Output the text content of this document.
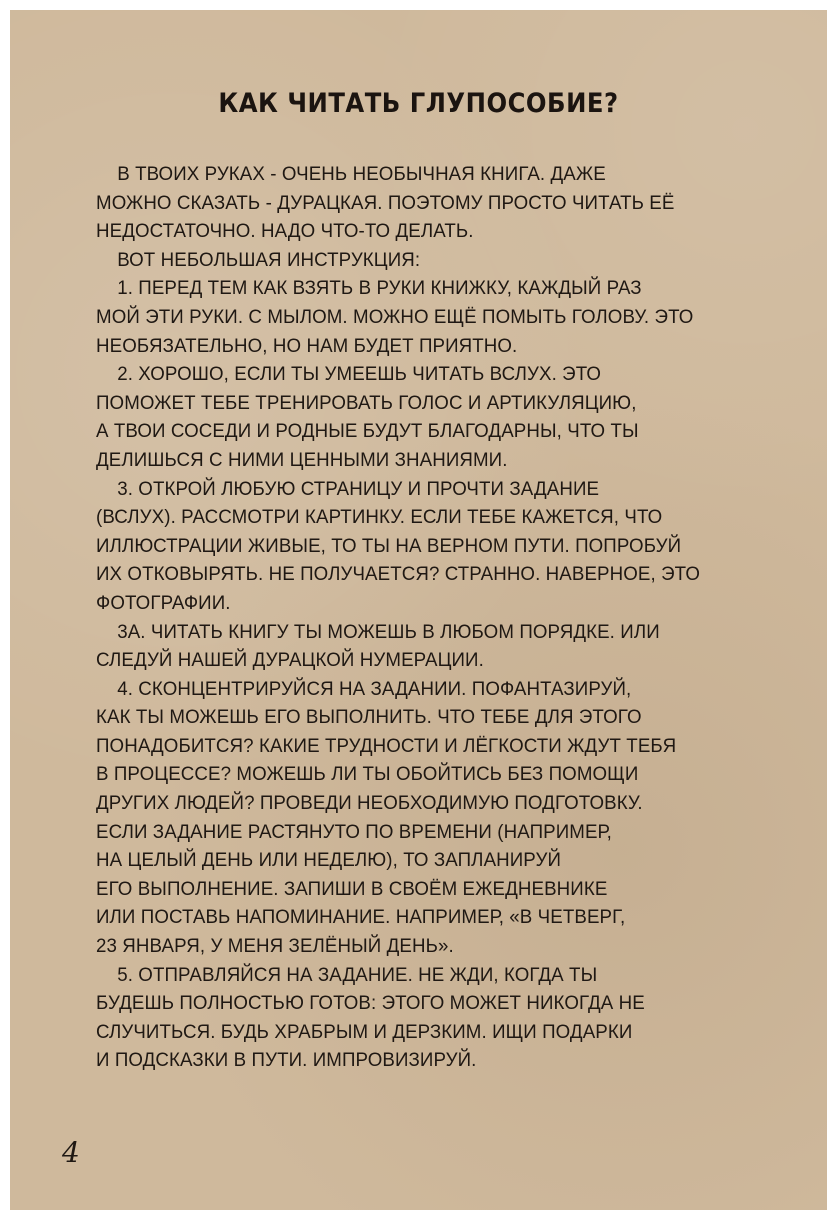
КАК ЧИТАТЬ ГЛУПОСОБИЕ?
В ТВОИХ РУКАХ - ОЧЕНЬ НЕОБЫЧНАЯ КНИГА. ДАЖЕ
МОЖНО СКАЗАТЬ - ДУРАЦКАЯ. ПОЭТОМУ ПРОСТО ЧИТАТЬ ЕЁ
НЕДОСТАТОЧНО. НАДО ЧТО-ТО ДЕЛАТЬ.
ВОТ НЕБОЛЬШАЯ ИНСТРУКЦИЯ:
1. ПЕРЕД ТЕМ КАК ВЗЯТЬ В РУКИ КНИЖКУ, КАЖДЫЙ РАЗ
МОЙ ЭТИ РУКИ. С МЫЛОМ. МОЖНО ЕЩЁ ПОМЫТЬ ГОЛОВУ. ЭТО
НЕОБЯЗАТЕЛЬНО, НО НАМ БУДЕТ ПРИЯТНО.
2. ХОРОШО, ЕСЛИ ТЫ УМЕЕШЬ ЧИТАТЬ ВСЛУХ. ЭТО
ПОМОЖЕТ ТЕБЕ ТРЕНИРОВАТЬ ГОЛОС И АРТИКУЛЯЦИЮ,
А ТВОИ СОСЕДИ И РОДНЫЕ БУДУТ БЛАГОДАРНЫ, ЧТО ТЫ
ДЕЛИШЬСЯ С НИМИ ЦЕННЫМИ ЗНАНИЯМИ.
3. ОТКРОЙ ЛЮБУЮ СТРАНИЦУ И ПРОЧТИ ЗАДАНИЕ
(ВСЛУХ). РАССМОТРИ КАРТИНКУ. ЕСЛИ ТЕБЕ КАЖЕТСЯ, ЧТО
ИЛЛЮСТРАЦИИ ЖИВЫЕ, ТО ТЫ НА ВЕРНОМ ПУТИ. ПОПРОБУЙ
ИХ ОТКОВЫРЯТЬ. НЕ ПОЛУЧАЕТСЯ? СТРАННО. НАВЕРНОЕ, ЭТО
ФОТОГРАФИИ.
3А. ЧИТАТЬ КНИГУ ТЫ МОЖЕШЬ В ЛЮБОМ ПОРЯДКЕ. ИЛИ
СЛЕДУЙ НАШЕЙ ДУРАЦКОЙ НУМЕРАЦИИ.
4. СКОНЦЕНТРИРУЙСЯ НА ЗАДАНИИ. ПОФАНТАЗИРУЙ,
КАК ТЫ МОЖЕШЬ ЕГО ВЫПОЛНИТЬ. ЧТО ТЕБЕ ДЛЯ ЭТОГО
ПОНАДОБИТСЯ? КАКИЕ ТРУДНОСТИ И ЛЁГКОСТИ ЖДУТ ТЕБЯ
В ПРОЦЕССЕ? МОЖЕШЬ ЛИ ТЫ ОБОЙТИСЬ БЕЗ ПОМОЩИ
ДРУГИХ ЛЮДЕЙ? ПРОВЕДИ НЕОБХОДИМУЮ ПОДГОТОВКУ.
ЕСЛИ ЗАДАНИЕ РАСТЯНУТО ПО ВРЕМЕНИ (НАПРИМЕР,
НА ЦЕЛЫЙ ДЕНЬ ИЛИ НЕДЕЛЮ), ТО ЗАПЛАНИРУЙ
ЕГО ВЫПОЛНЕНИЕ. ЗАПИШИ В СВОЁМ ЕЖЕДНЕВНИКЕ
ИЛИ ПОСТАВЬ НАПОМИНАНИЕ. НАПРИМЕР, «В ЧЕТВЕРГ,
23 ЯНВАРЯ, У МЕНЯ ЗЕЛЁНЫЙ ДЕНЬ».
5. ОТПРАВЛЯЙСЯ НА ЗАДАНИЕ. НЕ ЖДИ, КОГДА ТЫ
БУДЕШЬ ПОЛНОСТЬЮ ГОТОВ: ЭТОГО МОЖЕТ НИКОГДА НЕ
СЛУЧИТЬСЯ. БУДЬ ХРАБРЫМ И ДЕРЗКИМ. ИЩИ ПОДАРКИ
И ПОДСКАЗКИ В ПУТИ. ИМПРОВИЗИРУЙ.
4
